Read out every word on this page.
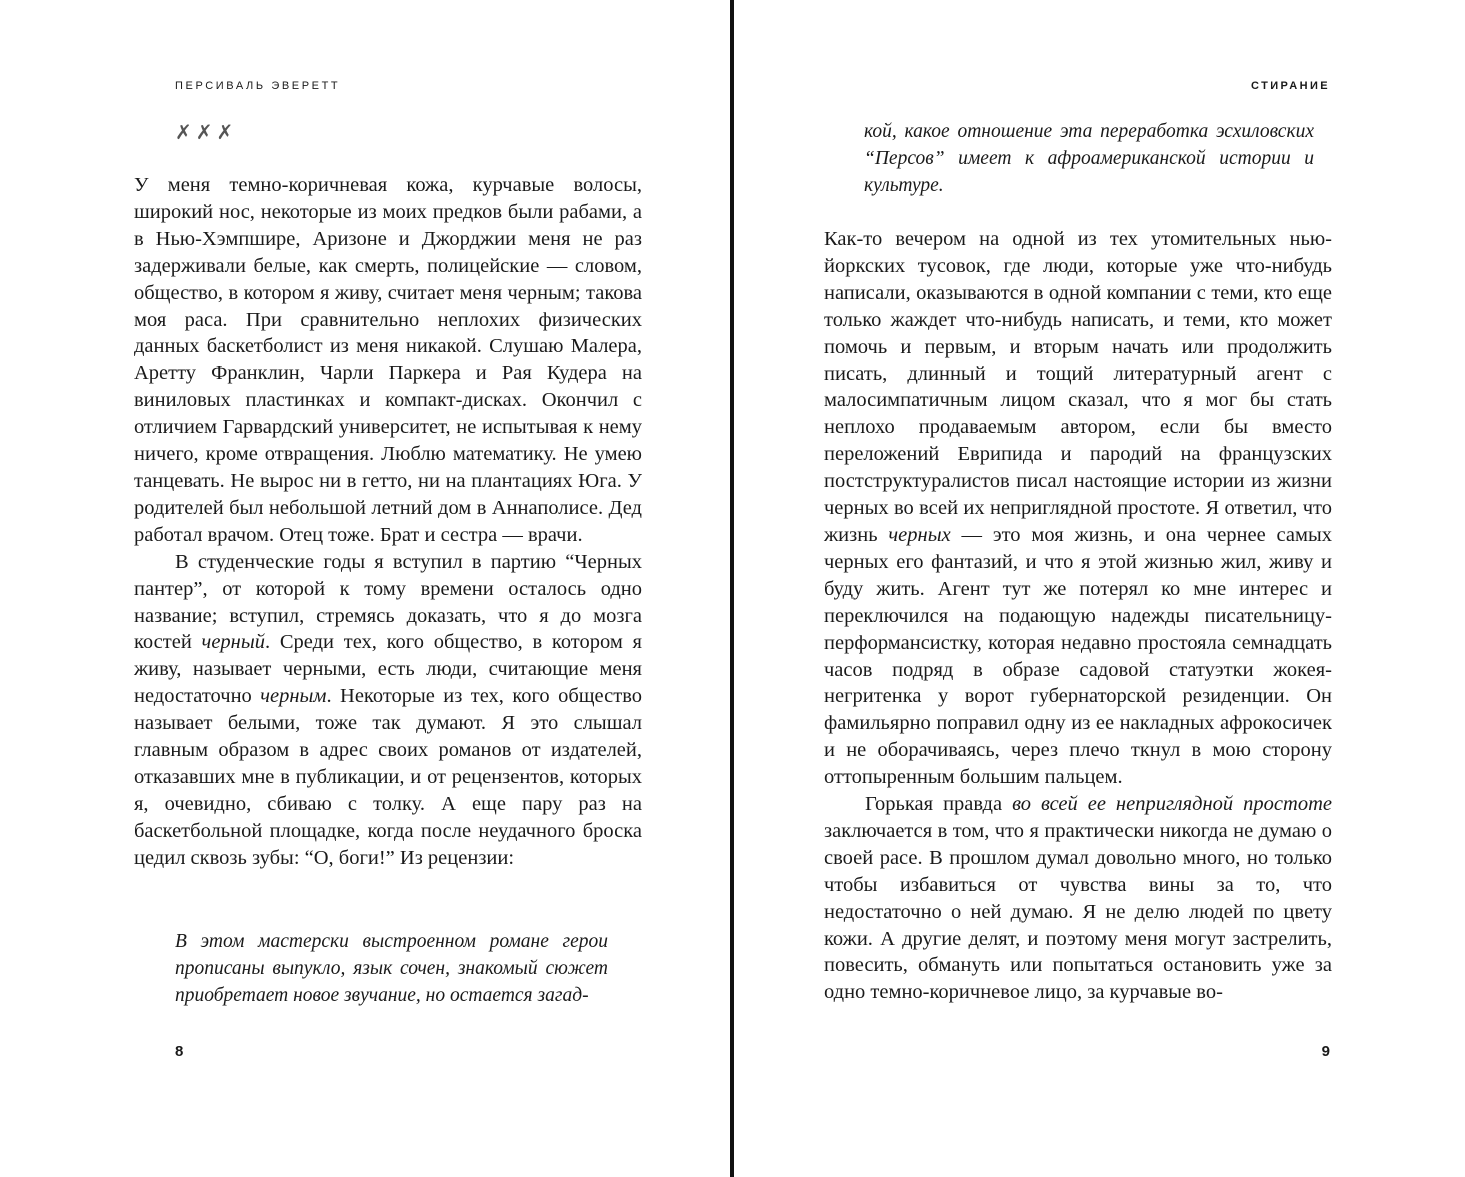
ПЕРСИВАЛЬ ЭВЕРЕТТ
✗✗✗

У меня темно-коричневая кожа, курчавые волосы, широкий нос, некоторые из моих предков были рабами, а в Нью-Хэмпшире, Аризоне и Джорджии меня не раз задерживали белые, как смерть, полицейские — словом, общество, в котором я живу, считает меня черным; такова моя раса. При сравнительно неплохих физических данных баскетболист из меня никакой. Слушаю Малера, Аретту Франклин, Чарли Паркера и Рая Кудера на виниловых пластинках и компакт-дисках. Окончил с отличием Гарвардский университет, не испытывая к нему ничего, кроме отвращения. Люблю математику. Не умею танцевать. Не вырос ни в гетто, ни на плантациях Юга. У родителей был небольшой летний дом в Аннаполисе. Дед работал врачом. Отец тоже. Брат и сестра — врачи.

В студенческие годы я вступил в партию “Черных пантер”, от которой к тому времени осталось одно название; вступил, стремясь доказать, что я до мозга костей черный. Среди тех, кого общество, в котором я живу, называет черными, есть люди, считающие меня недостаточно черным. Некоторые из тех, кого общество называет белыми, тоже так думают. Я это слышал главным образом в адрес своих романов от издателей, отказавших мне в публикации, и от рецензентов, которых я, очевидно, сбиваю с толку. А еще пару раз на баскетбольной площадке, когда после неудачного броска цедил сквозь зубы: “О, боги!” Из рецензии:

В этом мастерски выстроенном романе герои прописаны выпукло, язык сочен, знакомый сюжет приобретает новое звучание, но остается загад-
8
СТИРАНИЕ
кой, какое отношение эта переработка эсхиловских “Персов” имеет к афроамериканской истории и культуре.

Как-то вечером на одной из тех утомительных нью-йоркских тусовок, где люди, которые уже что-нибудь написали, оказываются в одной компании с теми, кто еще только жаждет что-нибудь написать, и теми, кто может помочь и первым, и вторым начать или продолжить писать, длинный и тощий литературный агент с малосимпатичным лицом сказал, что я мог бы стать неплохо продаваемым автором, если бы вместо переложений Еврипида и пародий на французских постструктуралистов писал настоящие истории из жизни черных во всей их неприглядной простоте. Я ответил, что жизнь черных — это моя жизнь, и она чернее самых черных его фантазий, и что я этой жизнью жил, живу и буду жить. Агент тут же потерял ко мне интерес и переключился на подающую надежды писательницу-перформансистку, которая недавно простояла семнадцать часов подряд в образе садовой статуэтки жокея-негритенка у ворот губернаторской резиденции. Он фамильярно поправил одну из ее накладных афрокосичек и не оборачиваясь, через плечо ткнул в мою сторону оттопыренным большим пальцем.

Горькая правда во всей ее неприглядной простоте заключается в том, что я практически никогда не думаю о своей расе. В прошлом думал довольно много, но только чтобы избавиться от чувства вины за то, что недостаточно о ней думаю. Я не делю людей по цвету кожи. А другие делят, и поэтому меня могут застрелить, повесить, обмануть или попытаться остановить уже за одно темно-коричневое лицо, за курчавые во-

9
